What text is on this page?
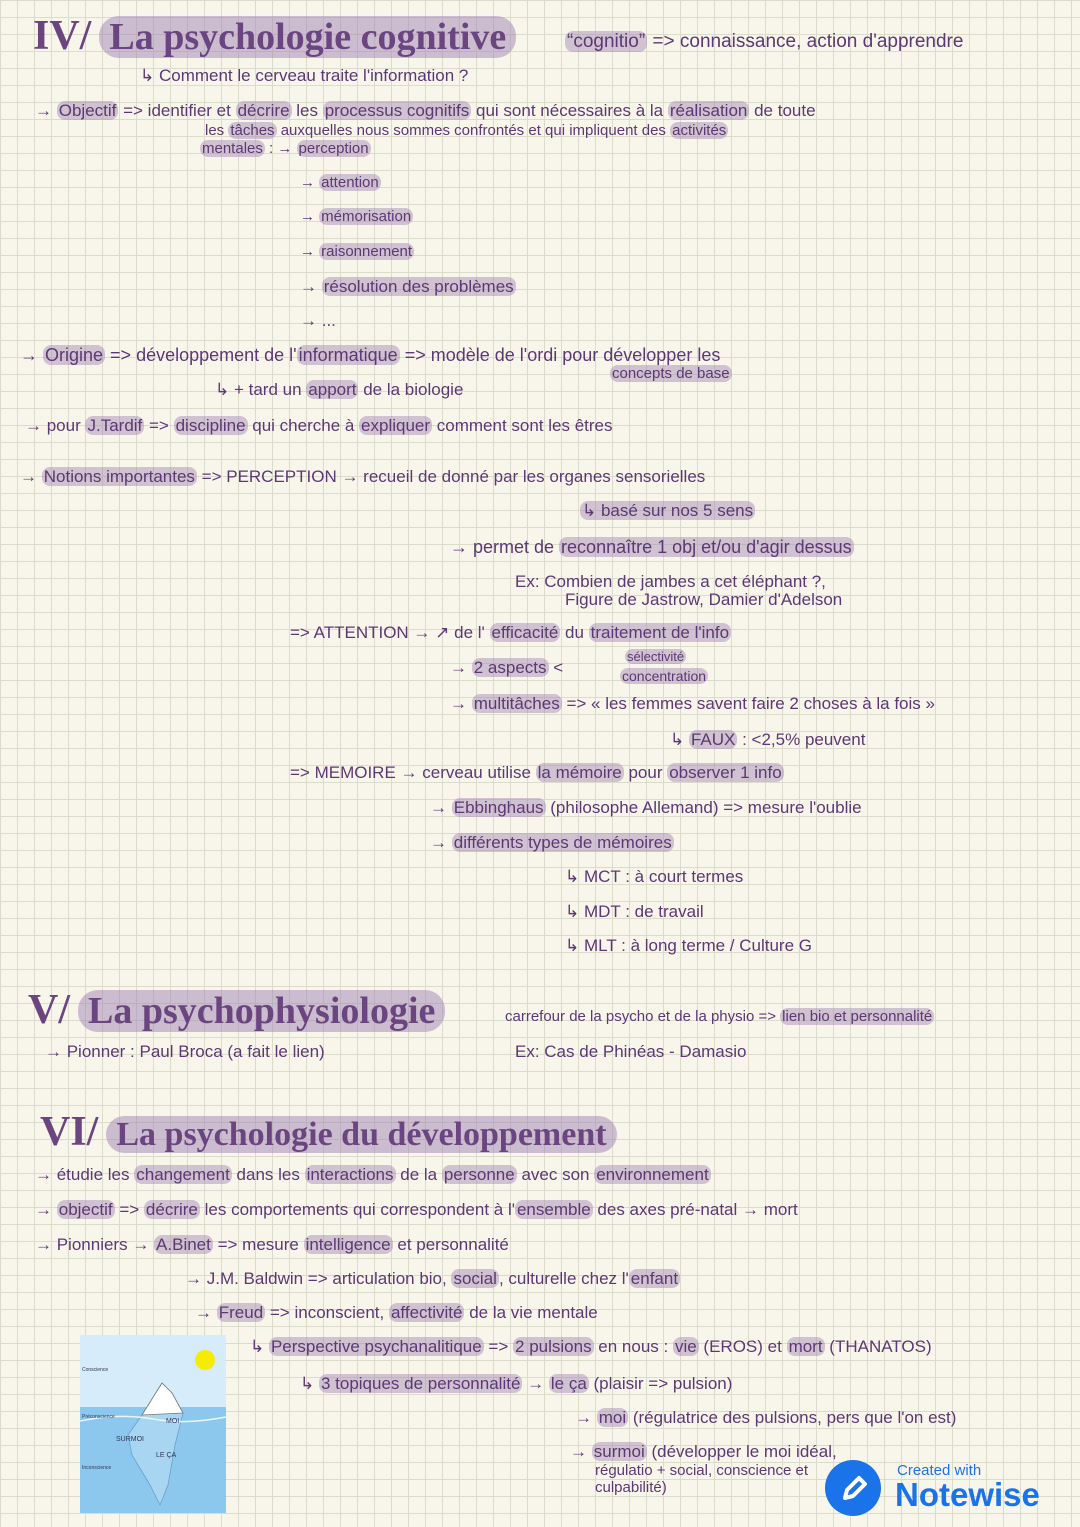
IV/ La psychologie cognitive	“cognitio” => connaissance, action d'apprendre
↳ Comment le cerveau traite l'information ?
→ Objectif => identifier et décrire les processus cognitifs qui sont nécessaires à la réalisation de toute
les tâches auxquelles nous sommes confrontés et qui impliquent des activités
mentales : → perception
→ attention
→ mémorisation
→ raisonnement
→ résolution des problèmes
→ ...
→ Origine => développement de l' informatique => modèle de l'ordi pour développer les
concepts de base
↳ + tard un apport de la biologie
→ pour J.Tardif => discipline qui cherche à expliquer comment sont les êtres
→ Notions importantes => PERCEPTION → recueil de donné par les organes sensorielles
↳ basé sur nos 5 sens
→ permet de reconnaître 1 obj et/ou d'agir dessus
Ex: Combien de jambes a cet éléphant ?,
Figure de Jastrow, Damier d'Adelson
=> ATTENTION → ↗ de l' efficacité du traitement de l'info
→ 2 aspects <
sélectivité
concentration
→ multitâches => « les femmes savent faire 2 choses à la fois »
↳ FAUX : <2,5% peuvent
=> MEMOIRE → cerveau utilise la mémoire pour observer 1 info
→ Ebbinghaus (philosophe Allemand) => mesure l'oublie
→ différents types de mémoires
↳ MCT : à court termes
↳ MDT : de travail
↳ MLT : à long terme / Culture G
V/ La psychophysiologie	carrefour de la psycho et de la physio => lien bio et personnalité
→ Pionner : Paul Broca (a fait le lien)	Ex: Cas de Phinéas - Damasio
VI/ La psychologie du développement
→ étudie les changement dans les interactions de la personne avec son environnement
→ objectif => décrire les comportements qui correspondent à l' ensemble des axes pré-natal → mort
→ Pionniers → A.Binet => mesure intelligence et personnalité
→ J.M. Baldwin => articulation bio, social , culturelle chez l' enfant
→ Freud => inconscient, affectivité de la vie mentale
↳ Perspective psychanalitique => 2 pulsions en nous : vie (EROS) et mort (THANATOS)
↳ 3 topiques de personnalité → le ça (plaisir => pulsion)
→ moi (régulatrice des pulsions, pers que l'on est)
→ surmoi (développer le moi idéal,
régulatio + social, conscience et
culpabilité)
Conscience
Préconscience
Inconscience
MOI
SURMOI
LE ÇA
Created with
Notewise
